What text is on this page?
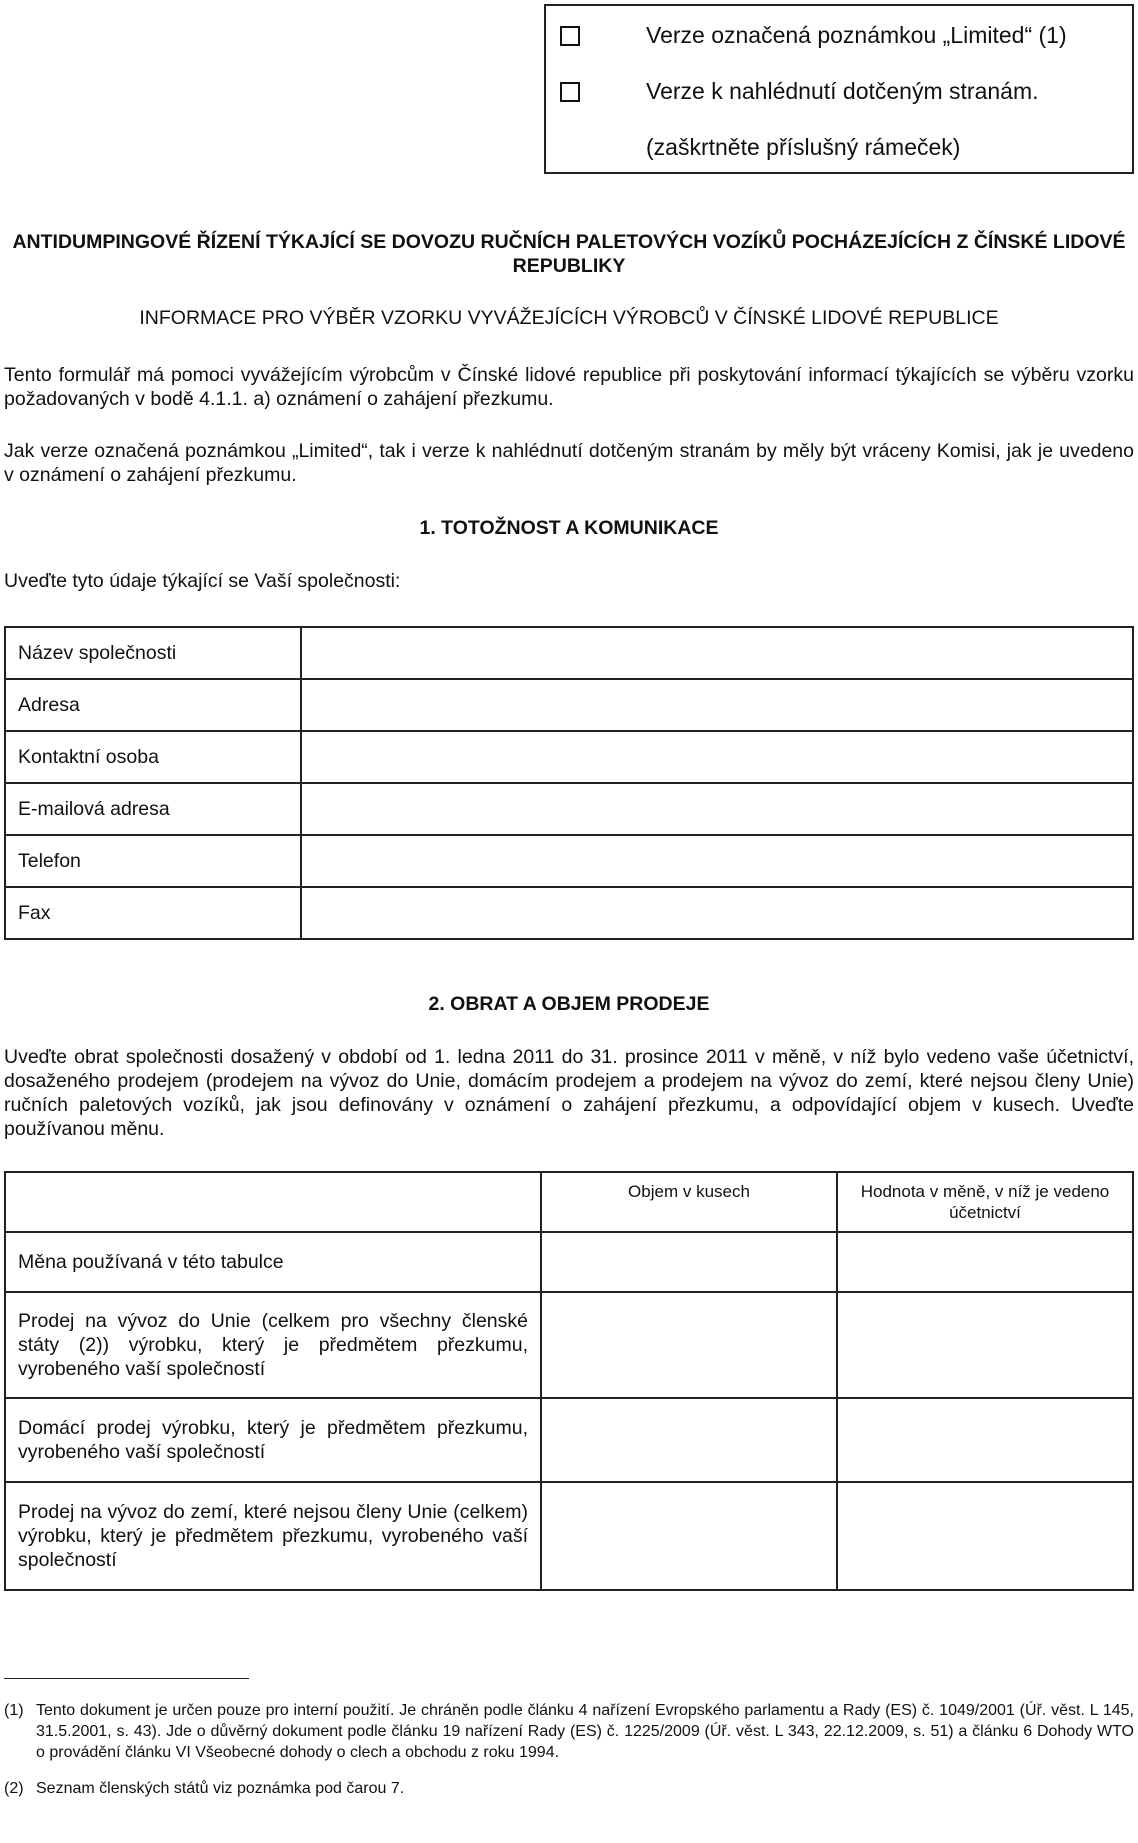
Verze označená poznámkou „Limited“ (1)
Verze k nahlédnutí dotčeným stranám.
(zaškrtněte příslušný rámeček)
ANTIDUMPINGOVÉ ŘÍZENÍ TÝKAJÍCÍ SE DOVOZU RUČNÍCH PALETOVÝCH VOZÍKŮ POCHÁZEJÍCÍCH Z ČÍNSKÉ LIDOVÉ REPUBLIKY
INFORMACE PRO VÝBĚR VZORKU VYVÁŽEJÍCÍCH VÝROBCŮ V ČÍNSKÉ LIDOVÉ REPUBLICE
Tento formulář má pomoci vyvážejícím výrobcům v Čínské lidové republice při poskytování informací týkajících se výběru vzorku požadovaných v bodě 4.1.1. a) oznámení o zahájení přezkumu.
Jak verze označená poznámkou „Limited“, tak i verze k nahlédnutí dotčeným stranám by měly být vráceny Komisi, jak je uvedeno v oznámení o zahájení přezkumu.
1. TOTOŽNOST A KOMUNIKACE
Uveďte tyto údaje týkající se Vaší společnosti:
Název společnosti	
Adresa	
Kontaktní osoba	
E-mailová adresa	
Telefon	
Fax	
2. OBRAT A OBJEM PRODEJE
Uveďte obrat společnosti dosažený v období od 1. ledna 2011 do 31. prosince 2011 v měně, v níž bylo vedeno vaše účetnictví, dosaženého prodejem (prodejem na vývoz do Unie, domácím prodejem a prodejem na vývoz do zemí, které nejsou členy Unie) ručních paletových vozíků, jak jsou definovány v oznámení o zahájení přezkumu, a odpovídající objem v kusech. Uveďte používanou měnu.
	Objem v kusech	Hodnota v měně, v níž je vedeno účetnictví
Měna používaná v této tabulce		
Prodej na vývoz do Unie (celkem pro všechny členské státy (2)) výrobku, který je předmětem přezkumu, vyrobeného vaší společností		
Domácí prodej výrobku, který je předmětem přezkumu, vyrobeného vaší společností		
Prodej na vývoz do zemí, které nejsou členy Unie (celkem) výrobku, který je předmětem přezkumu, vyrobeného vaší společností		
(1) Tento dokument je určen pouze pro interní použití. Je chráněn podle článku 4 nařízení Evropského parlamentu a Rady (ES) č. 1049/2001 (Úř. věst. L 145, 31.5.2001, s. 43). Jde o důvěrný dokument podle článku 19 nařízení Rady (ES) č. 1225/2009 (Úř. věst. L 343, 22.12.2009, s. 51) a článku 6 Dohody WTO o provádění článku VI Všeobecné dohody o clech a obchodu z roku 1994.
(2) Seznam členských států viz poznámka pod čarou 7.
